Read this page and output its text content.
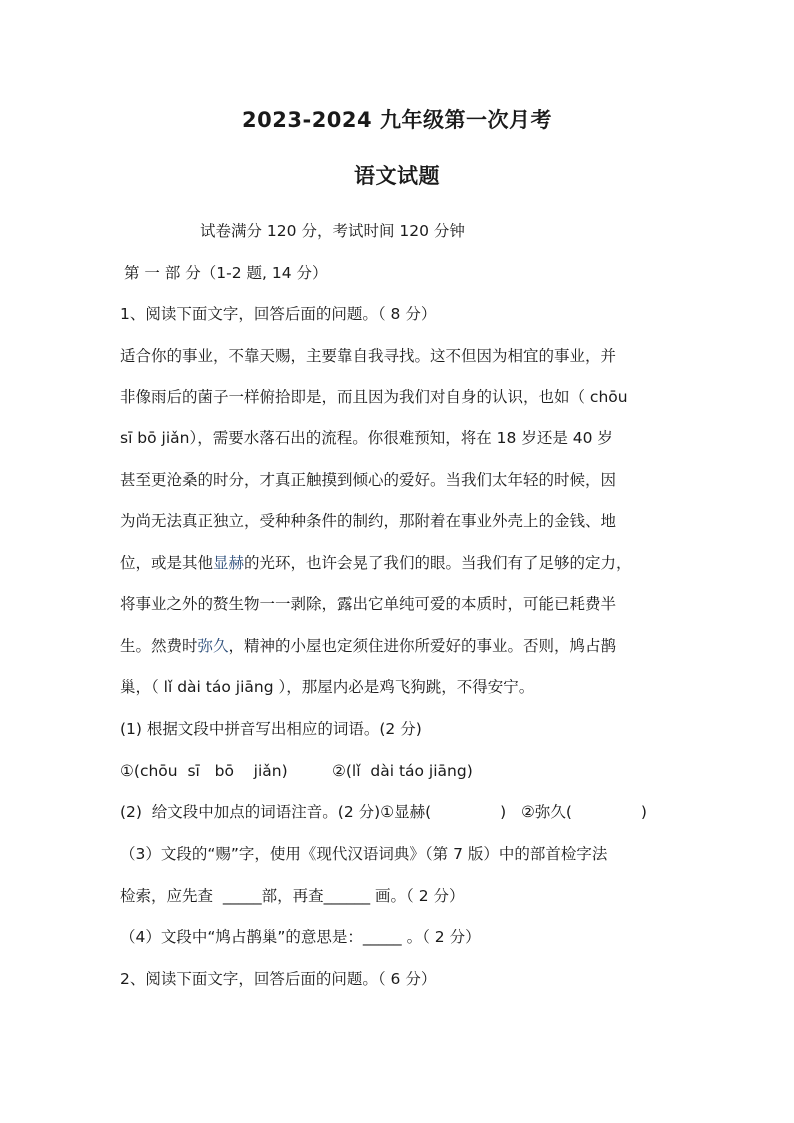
2023-2024 九年级第一次月考
语文试题
试卷满分 120 分，考试时间 120 分钟
第 一 部 分（1-2 题, 14 分）
1、阅读下面文字，回答后面的问题。（ 8 分）
适合你的事业，不靠天赐，主要靠自我寻找。这不但因为相宜的事业，并
非像雨后的菌子一样俯拾即是，而且因为我们对自身的认识，也如（ chōu
sī bō jiǎn），需要水落石出的流程。你很难预知，将在 18 岁还是 40 岁
甚至更沧桑的时分，才真正触摸到倾心的爱好。当我们太年轻的时候，因
为尚无法真正独立，受种种条件的制约，那附着在事业外壳上的金钱、地
位，或是其他显赫的光环，也许会晃了我们的眼。当我们有了足够的定力，
将事业之外的赘生物一一剥除，露出它单纯可爱的本质时，可能已耗费半
生。然费时弥久，精神的小屋也定须住进你所爱好的事业。否则，鸠占鹊
巢，（ lǐ dài táo jiāng ），那屋内必是鸡飞狗跳，不得安宁。
(1) 根据文段中拼音写出相应的词语。(2 分)
①(chōu  sī   bō    jiǎn)         ②(lǐ  dài táo jiāng)
(2)  给文段中加点的词语注音。(2 分)①显赫(              )   ②弥久(              )
（3）文段的“赐”字，使用《现代汉语词典》（第 7 版）中的部首检字法
检索，应先查  _____部，再查______ 画。（ 2 分）
（4）文段中“鸠占鹊巢”的意思是：_____ 。（ 2 分）
2、阅读下面文字，回答后面的问题。（ 6 分）
